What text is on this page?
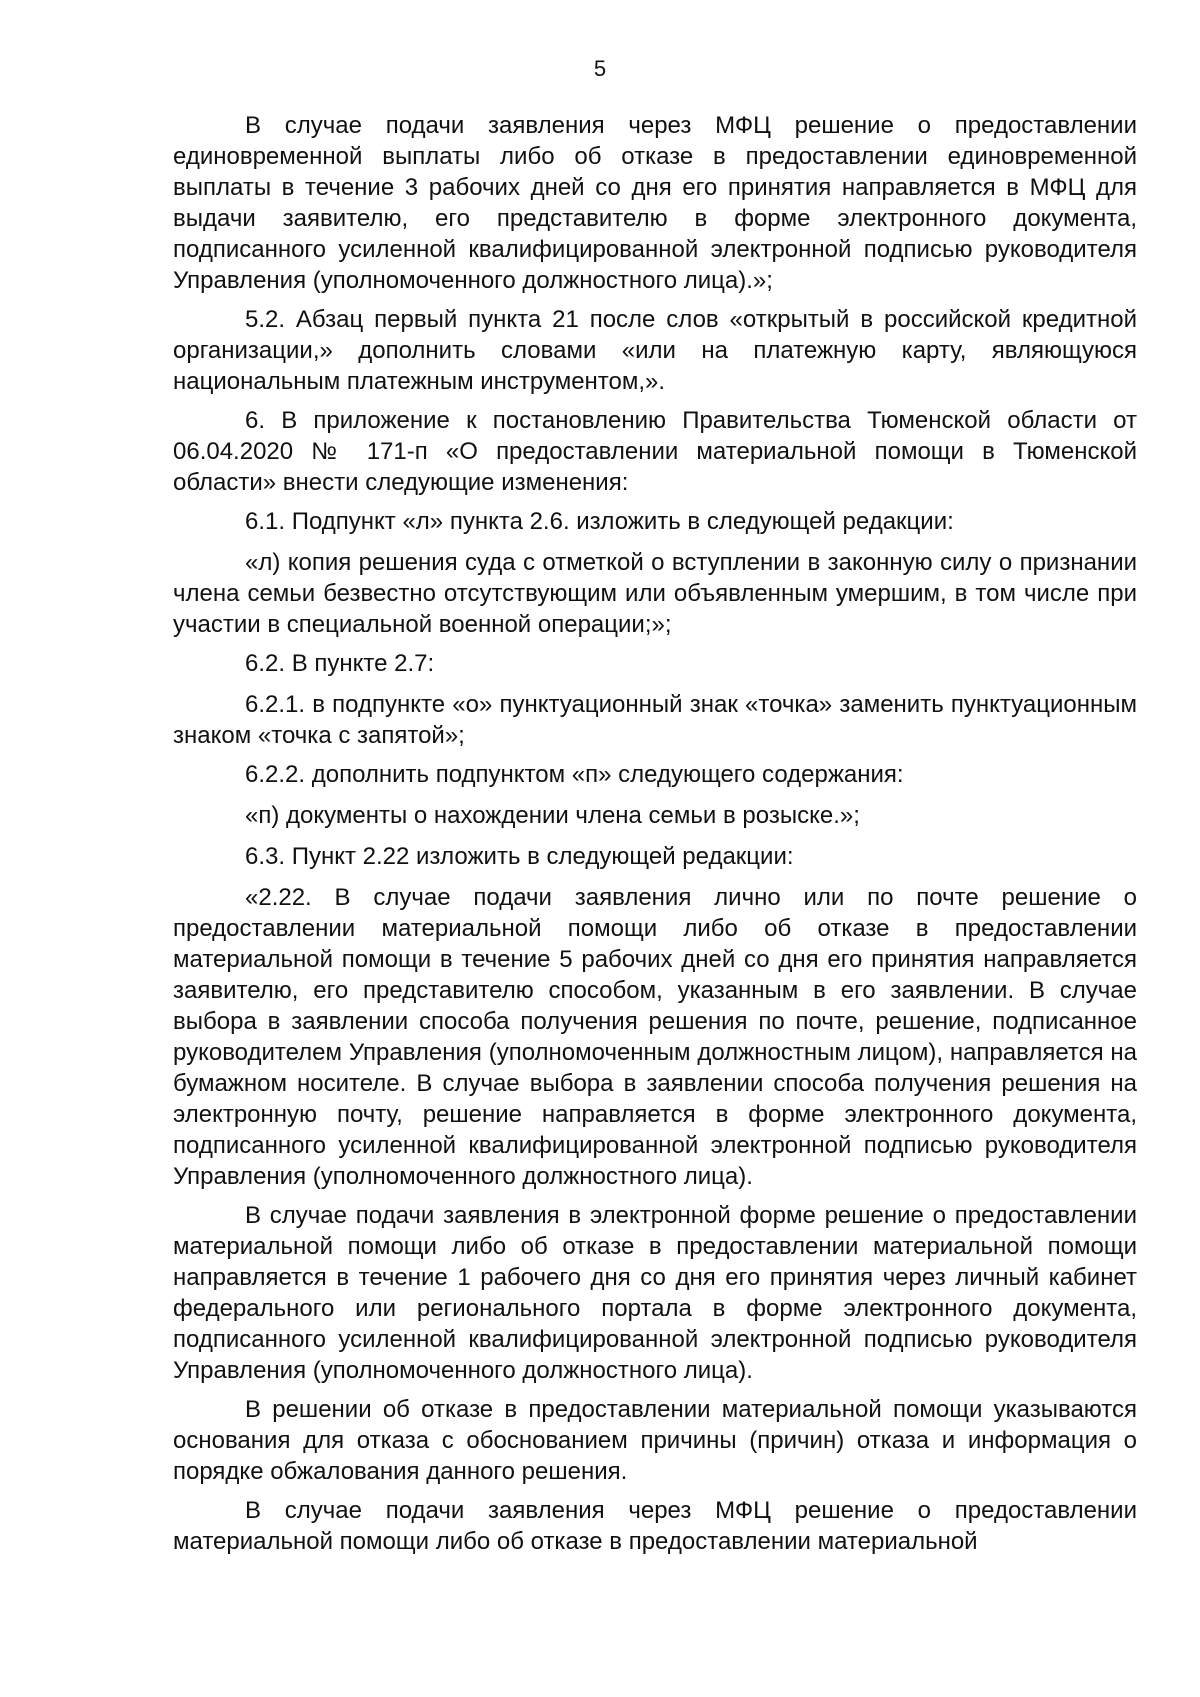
5

В случае подачи заявления через МФЦ решение о предоставлении единовременной выплаты либо об отказе в предоставлении единовременной выплаты в течение 3 рабочих дней со дня его принятия направляется в МФЦ для выдачи заявителю, его представителю в форме электронного документа, подписанного усиленной квалифицированной электронной подписью руководителя Управления (уполномоченного должностного лица).»;

5.2. Абзац первый пункта 21 после слов «открытый в российской кредитной организации,» дополнить словами «или на платежную карту, являющуюся национальным платежным инструментом,».

6. В приложение к постановлению Правительства Тюменской области от 06.04.2020 № 171-п «О предоставлении материальной помощи в Тюменской области» внести следующие изменения:

6.1. Подпункт «л» пункта 2.6. изложить в следующей редакции:

«л) копия решения суда с отметкой о вступлении в законную силу о признании члена семьи безвестно отсутствующим или объявленным умершим, в том числе при участии в специальной военной операции;»;

6.2. В пункте 2.7:

6.2.1. в подпункте «о» пунктуационный знак «точка» заменить пунктуационным знаком «точка с запятой»;

6.2.2. дополнить подпунктом «п» следующего содержания:

«п) документы о нахождении члена семьи в розыске.»;

6.3. Пункт 2.22 изложить в следующей редакции:

«2.22. В случае подачи заявления лично или по почте решение о предоставлении материальной помощи либо об отказе в предоставлении материальной помощи в течение 5 рабочих дней со дня его принятия направляется заявителю, его представителю способом, указанным в его заявлении. В случае выбора в заявлении способа получения решения по почте, решение, подписанное руководителем Управления (уполномоченным должностным лицом), направляется на бумажном носителе. В случае выбора в заявлении способа получения решения на электронную почту, решение направляется в форме электронного документа, подписанного усиленной квалифицированной электронной подписью руководителя Управления (уполномоченного должностного лица).

В случае подачи заявления в электронной форме решение о предоставлении материальной помощи либо об отказе в предоставлении материальной помощи направляется в течение 1 рабочего дня со дня его принятия через личный кабинет федерального или регионального портала в форме электронного документа, подписанного усиленной квалифицированной электронной подписью руководителя Управления (уполномоченного должностного лица).

В решении об отказе в предоставлении материальной помощи указываются основания для отказа с обоснованием причины (причин) отказа и информация о порядке обжалования данного решения.

В случае подачи заявления через МФЦ решение о предоставлении материальной помощи либо об отказе в предоставлении материальной
